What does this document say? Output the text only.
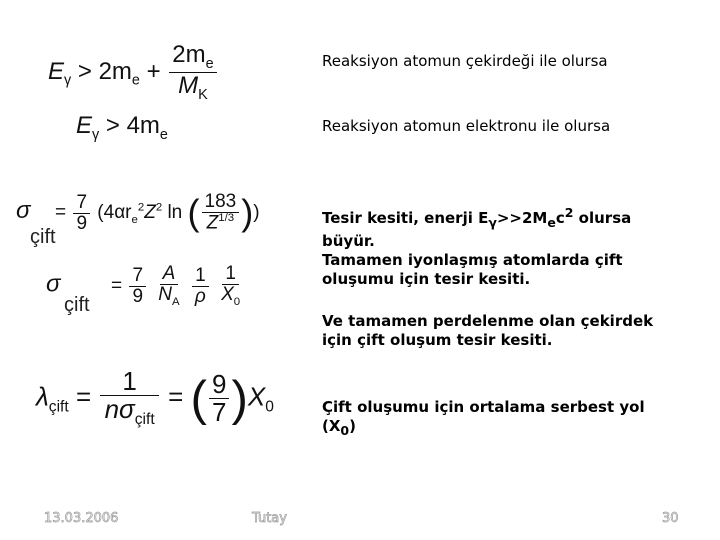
$E_\gamma > 2m_e + \frac{2m_e}{M_K}$
$E_\gamma > 4m_e$
$\sigma = \frac{7}{9} (4\alpha r_e^2Z^2$ ln ( $\frac{183}{Z^{1/3}}$ ))
çift
σ	= $\frac{7}{9}$
$\frac{A}{N_A}$
$\frac{1}{\rho}$
$\frac{1}{X_0}$
çift
$\lambda_{çift} = \frac{1}{n\sigma_{çift}}$ = ( $\frac{9}{7} )X_0$
Reaksiyon atomun çekirdeği ile olursa
Reaksiyon atomun elektronu ile olursa
Tesir kesiti, enerji $E_\gamma>>2M_ec^2$ olursa
büyür.
Tamamen iyonlaşmış atomlarda çift
oluşumu için tesir kesiti.
Ve tamamen perdelenme olan çekirdek
için çift oluşum tesir kesiti.
Çift oluşumu için ortalama serbest yol
$(X_0)$
13.03.2006	Tutay	30
